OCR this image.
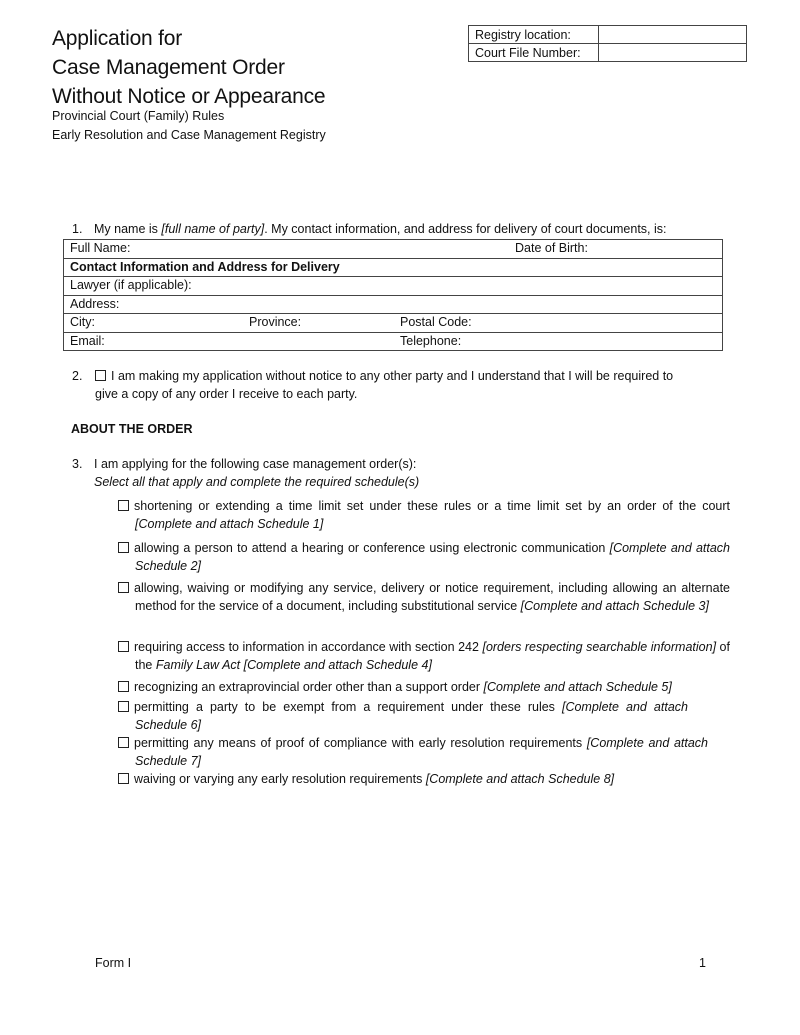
Application for
Case Management Order
Without Notice or Appearance
Provincial Court (Family) Rules
Early Resolution and Case Management Registry
Registry location:	
Court File Number:	
1. My name is [full name of party]. My contact information, and address for delivery of court documents, is:
Full Name:	Date of Birth:
Contact Information and Address for Delivery
Lawyer (if applicable):
Address:
City:	Province:	Postal Code:
Email:	Telephone:
2.	I am making my application without notice to any other party and I understand that I will be required to
give a copy of any order I receive to each party.
ABOUT THE ORDER
3. I am applying for the following case management order(s):
Select all that apply and complete the required schedule(s)
shortening or extending a time limit set under these rules or a time limit set by an order of the court [Complete and attach Schedule 1]
allowing a person to attend a hearing or conference using electronic communication [Complete and attach Schedule 2]
allowing, waiving or modifying any service, delivery or notice requirement, including allowing an alternate method for the service of a document, including substitutional service [Complete and attach Schedule 3]
requiring access to information in accordance with section 242 [orders respecting searchable information] of the Family Law Act [Complete and attach Schedule 4]
recognizing an extraprovincial order other than a support order [Complete and attach Schedule 5]
permitting a party to be exempt from a requirement under these rules [Complete and attach Schedule 6]
permitting any means of proof of compliance with early resolution requirements [Complete and attach Schedule 7]
waiving or varying any early resolution requirements [Complete and attach Schedule 8]
Form I	1
